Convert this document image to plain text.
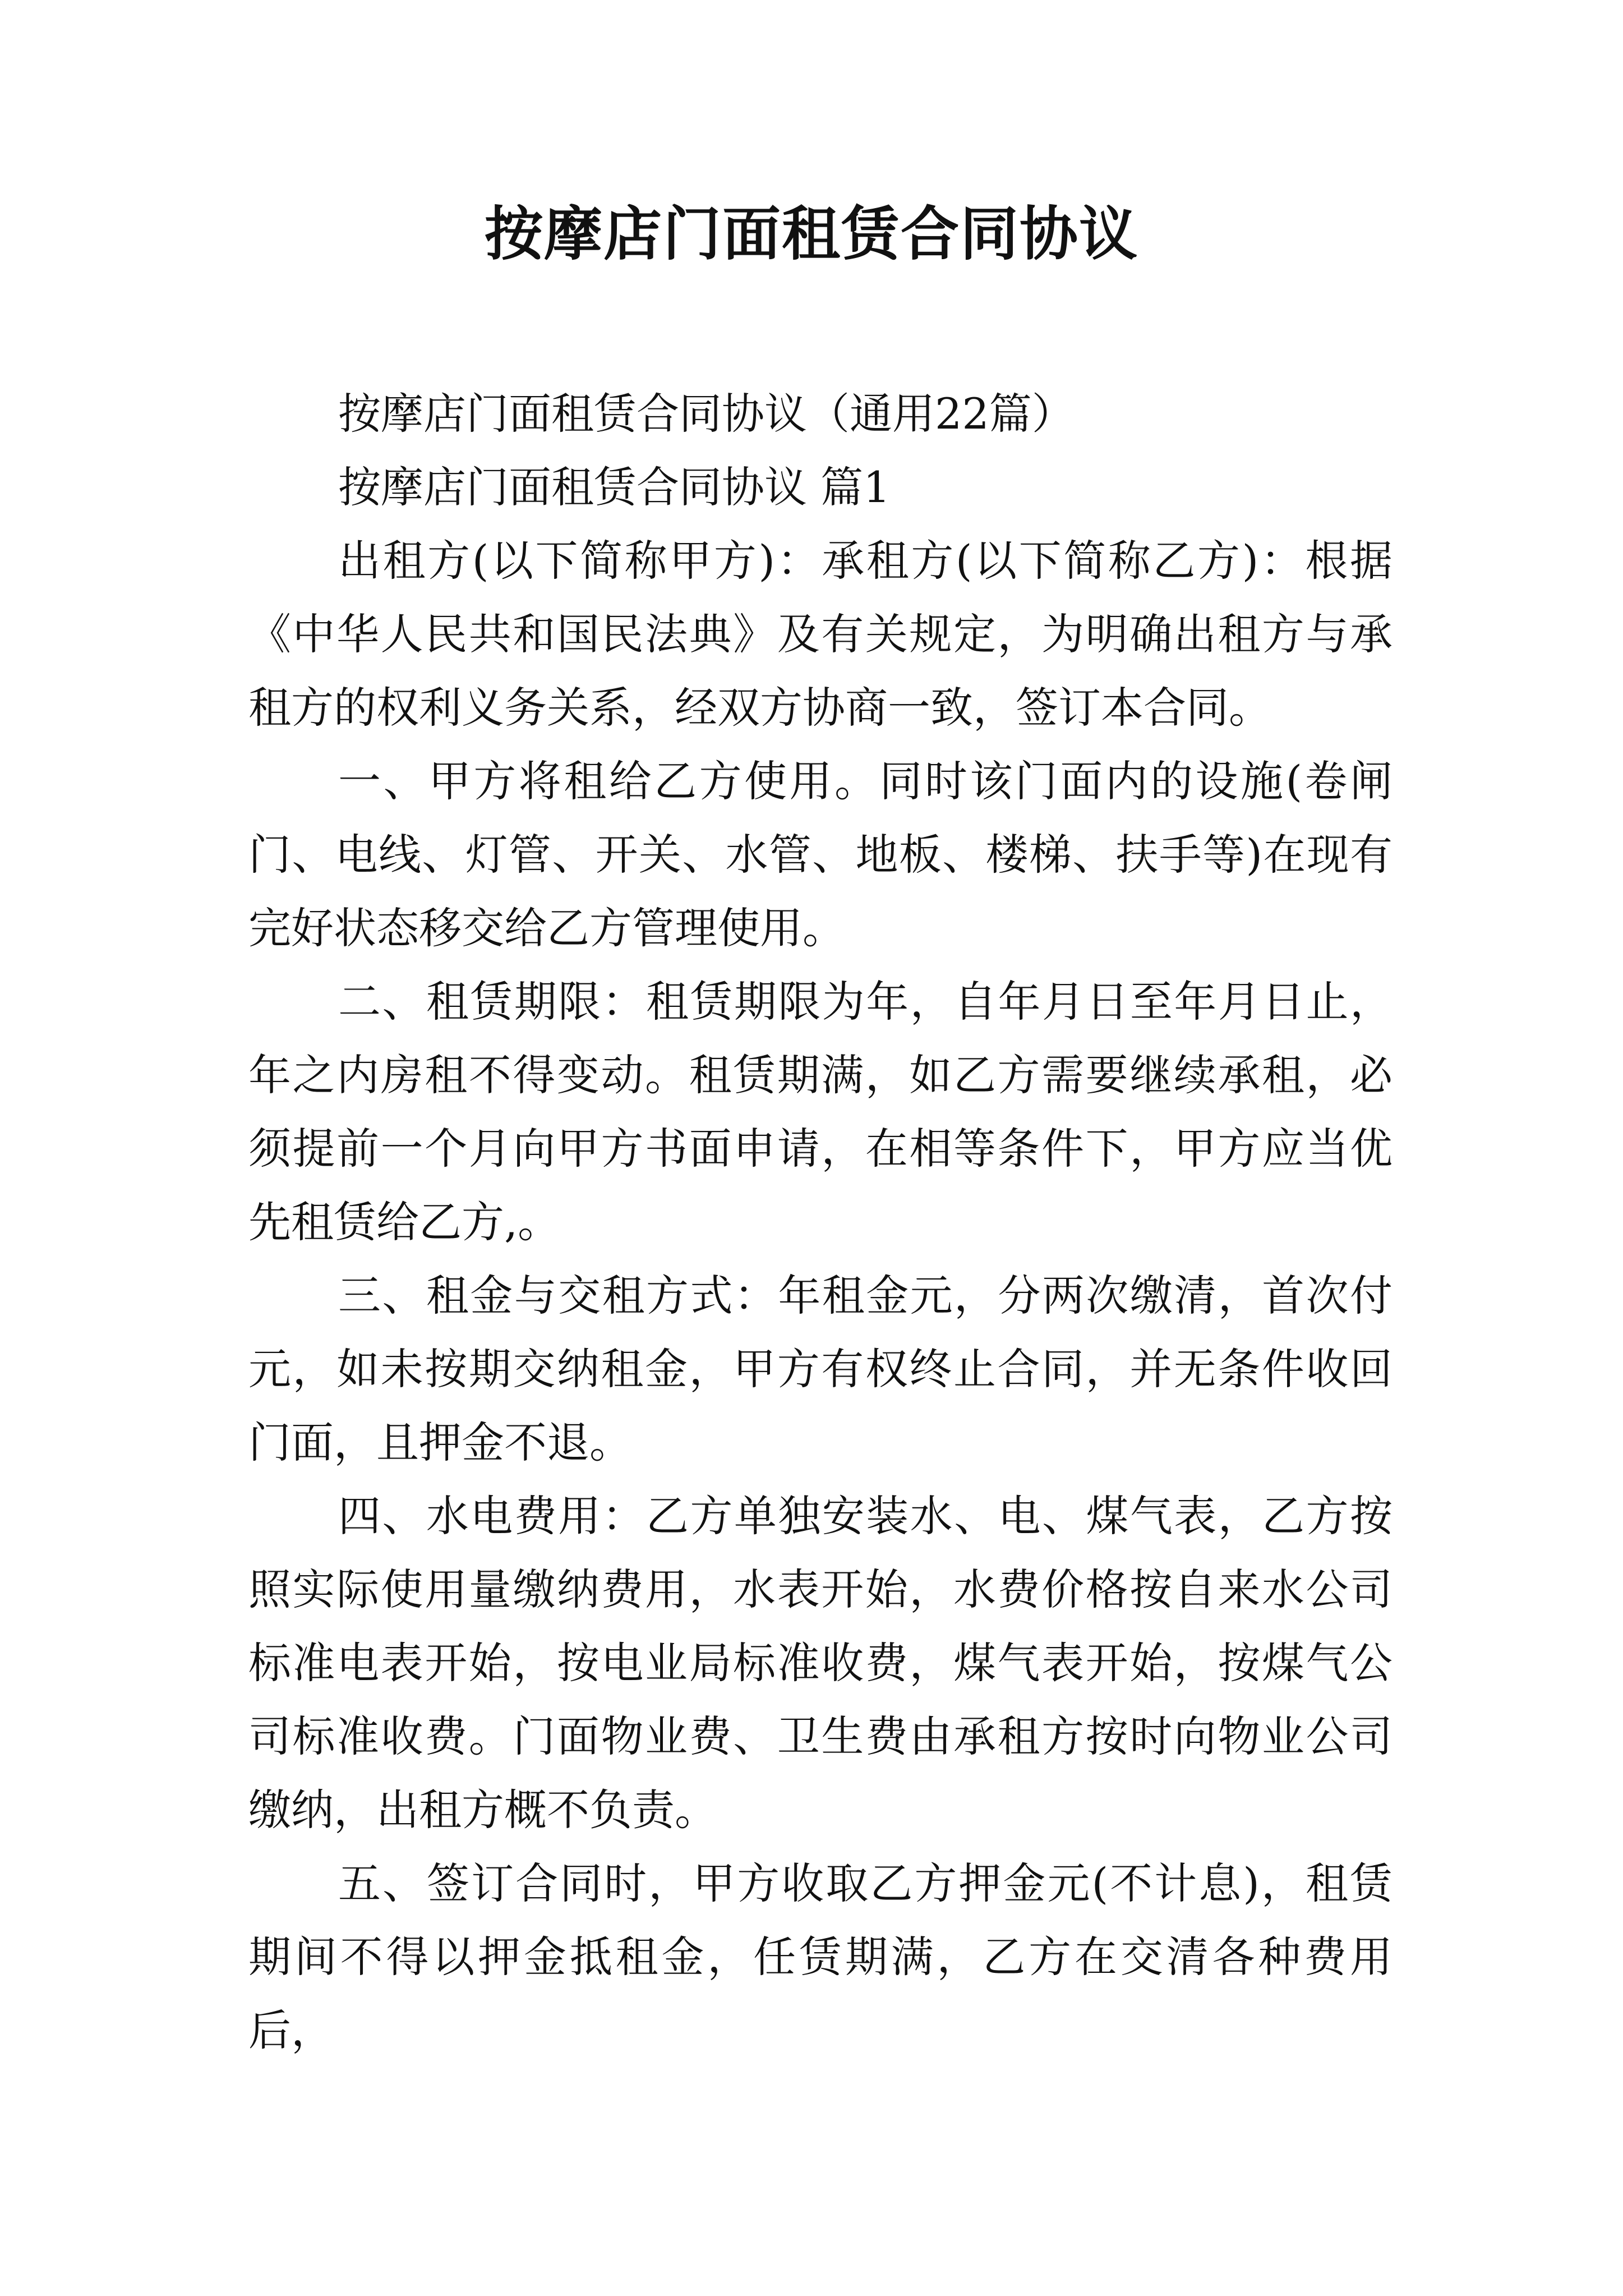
按摩店门面租赁合同协议

按摩店门面租赁合同协议（通用22篇）

按摩店门面租赁合同协议 篇1

出租方(以下简称甲方)：承租方(以下简称乙方)：根据《中华人民共和国民法典》及有关规定，为明确出租方与承租方的权利义务关系，经双方协商一致，签订本合同。

一、甲方将租给乙方使用。同时该门面内的设施(卷闸门、电线、灯管、开关、水管、地板、楼梯、扶手等)在现有完好状态移交给乙方管理使用。

二、租赁期限：租赁期限为年，自年月日至年月日止，年之内房租不得变动。租赁期满，如乙方需要继续承租，必须提前一个月向甲方书面申请，在相等条件下，甲方应当优先租赁给乙方,。

三、租金与交租方式：年租金元，分两次缴清，首次付元，如未按期交纳租金，甲方有权终止合同，并无条件收回门面，且押金不退。

四、水电费用：乙方单独安装水、电、煤气表，乙方按照实际使用量缴纳费用，水表开始，水费价格按自来水公司标准电表开始，按电业局标准收费，煤气表开始，按煤气公司标准收费。门面物业费、卫生费由承租方按时向物业公司缴纳，出租方概不负责。

五、签订合同时，甲方收取乙方押金元(不计息)，租赁期间不得以押金抵租金，任赁期满，乙方在交清各种费用后，
